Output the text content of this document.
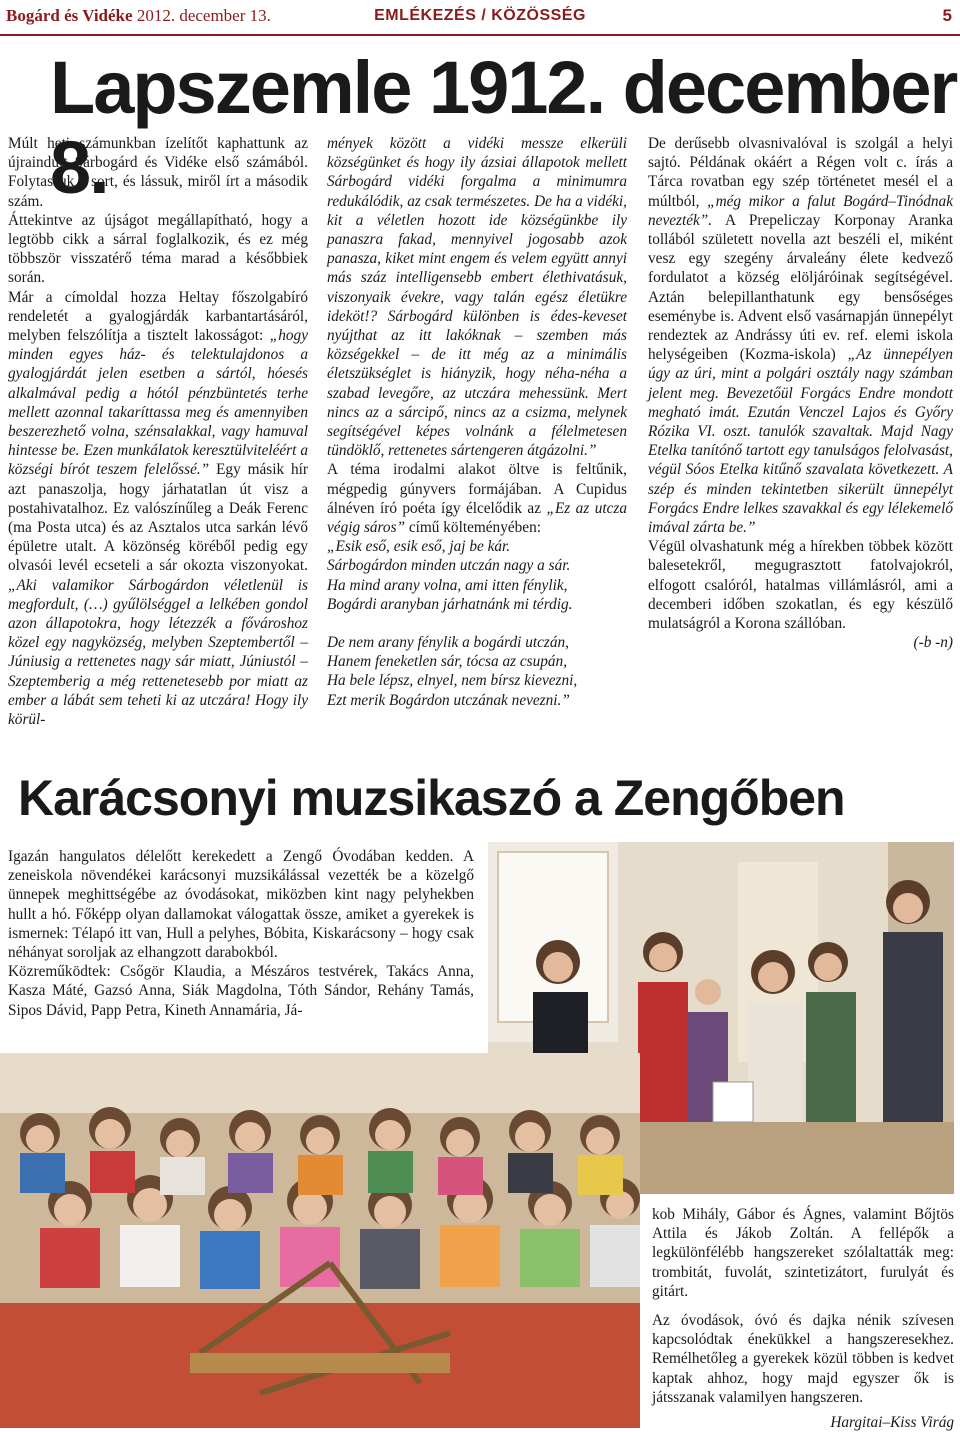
Bogárd és Vidéke 2012. december 13.	EMLÉKEZÉS / KÖZÖSSÉG	5
Lapszemle 1912. december 8.

Múlt heti számunkban ízelítőt kaphattunk az újraindult Sárbogárd és Vidéke első számából. Folytassuk a sort, és lássuk, miről írt a második szám.

Áttekintve az újságot megállapítható, hogy a legtöbb cikk a sárral foglalkozik, és ez még többször visszatérő téma marad a későbbiek során.

Már a címoldal hozza Heltay főszolgabíró rendeletét a gyalogjárdák karbantartásáról, melyben felszólítja a tisztelt lakosságot: „hogy minden egyes ház- és telektulajdonos a gyalogjárdát jelen esetben a sártól, hóesés alkalmával pedig a hótól pénzbüntetés terhe mellett azonnal takaríttassa meg és amennyiben beszerezhető volna, szénsalakkal, vagy hamuval hintesse be. Ezen munkálatok keresztülviteléért a községi bírót teszem felelőssé.” Egy másik hír azt panaszolja, hogy járhatatlan út visz a postahivatalhoz. Ez valószínűleg a Deák Ferenc (ma Posta utca) és az Asztalos utca sarkán lévő épületre utalt. A közönség köréből pedig egy olvasói levél ecseteli a sár okozta viszonyokat. „Aki valamikor Sárbogárdon véletlenül is megfordult, (…) gyűlölséggel a lelkében gondol azon állapotokra, hogy létezzék a fővároshoz közel egy nagyközség, melyben Szeptembertől – Júniusig a rettenetes nagy sár miatt, Júniustól – Szeptemberig a még rettenetesebb por miatt az ember a lábát sem teheti ki az utczára! Hogy ily körül-

mények között a vidéki messze elkerüli községünket és hogy ily ázsiai állapotok mellett Sárbogárd vidéki forgalma a minimumra redukálódik, az csak természetes. De ha a vidéki, kit a véletlen hozott ide községünkbe ily panaszra fakad, mennyivel jogosabb azok panasza, kiket mint engem és velem együtt annyi más száz intelligensebb embert élethivatásuk, viszonyaik évekre, vagy talán egész életükre ideköt!? Sárbogárd különben is édes-keveset nyújthat az itt lakóknak – szemben más községekkel – de itt még az a minimális életszükséglet is hiányzik, hogy néha-néha a szabad levegőre, az utczára mehessünk. Mert nincs az a sárcipő, nincs az a csizma, melynek segítségével képes volnánk a félelmetesen tündöklő, rettenetes sártengeren átgázolni.”

A téma irodalmi alakot öltve is feltűnik, mégpedig gúnyvers formájában. A Cupidus álnéven író poéta így élcelődik az „Ez az utcza végig sáros” című költeményében:

„Esik eső, esik eső, jaj be kár.
Sárbogárdon minden utczán nagy a sár.
Ha mind arany volna, ami itten fénylik,
Bogárdi aranyban járhatnánk mi térdig.
De nem arany fénylik a bogárdi utczán,
Hanem feneketlen sár, tócsa az csupán,
Ha bele lépsz, elnyel, nem bírsz kievezni,
Ezt merik Bogárdon utczának nevezni.”

De derűsebb olvasnivalóval is szolgál a helyi sajtó. Példának okáért a Régen volt c. írás a Tárca rovatban egy szép történetet mesél el a múltból, „még mikor a falut Bogárd–Tinódnak nevezték”. A Prepeliczay Korponay Aranka tollából született novella azt beszéli el, miként vesz egy szegény árvaleány élete kedvező fordulatot a község elöljáróinak segítségével. Aztán belepillanthatunk egy bensőséges eseménybe is. Advent első vasárnapján ünnepélyt rendeztek az Andrássy úti ev. ref. elemi iskola helységeiben (Kozma-iskola) „Az ünnepélyen úgy az úri, mint a polgári osztály nagy számban jelent meg. Bevezetőül Forgács Endre mondott megható imát. Ezután Venczel Lajos és Győry Rózika VI. oszt. tanulók szavaltak. Majd Nagy Etelka tanítónő tartott egy tanulságos felolvasást, végül Sóos Etelka kitűnő szavalata következett. A szép és minden tekintetben sikerült ünnepélyt Forgács Endre lelkes szavakkal és egy lélekemelő imával zárta be.”

Végül olvashatunk még a hírekben többek között balesetekről, megugrasztott fatolvajokról, elfogott csalóról, hatalmas villámlásról, ami a decemberi időben szokatlan, és egy készülő mulatságról a Korona szállóban.

(-b -n)

Karácsonyi muzsikaszó a Zengőben

Igazán hangulatos délelőtt kerekedett a Zengő Óvodában kedden. A zeneiskola növendékei karácsonyi muzsikálással vezették be a közelgő ünnepek meghittségébe az óvodásokat, miközben kint nagy pelyhekben hullt a hó. Főképp olyan dallamokat válogattak össze, amiket a gyerekek is ismernek: Télapó itt van, Hull a pelyhes, Bóbita, Kiskarácsony – hogy csak néhányat soroljak az elhangzott darabokból.

Közreműködtek: Csőgör Klaudia, a Mészáros testvérek, Takács Anna, Kasza Máté, Gazsó Anna, Siák Magdolna, Tóth Sándor, Rehány Tamás, Sipos Dávid, Papp Petra, Kineth Annamária, Já-

kob Mihály, Gábor és Ágnes, valamint Bőjtös Attila és Jákob Zoltán. A fellépők a legkülönfélébb hangszereket szólaltatták meg: trombitát, fuvolát, szintetizátort, furulyát és gitárt.

Az óvodások, óvó és dajka nénik szívesen kapcsolódtak énekükkel a hangszeresekhez. Remélhetőleg a gyerekek közül többen is kedvet kaptak ahhoz, hogy majd egyszer ők is játsszanak valamilyen hangszeren.

Hargitai–Kiss Virág
